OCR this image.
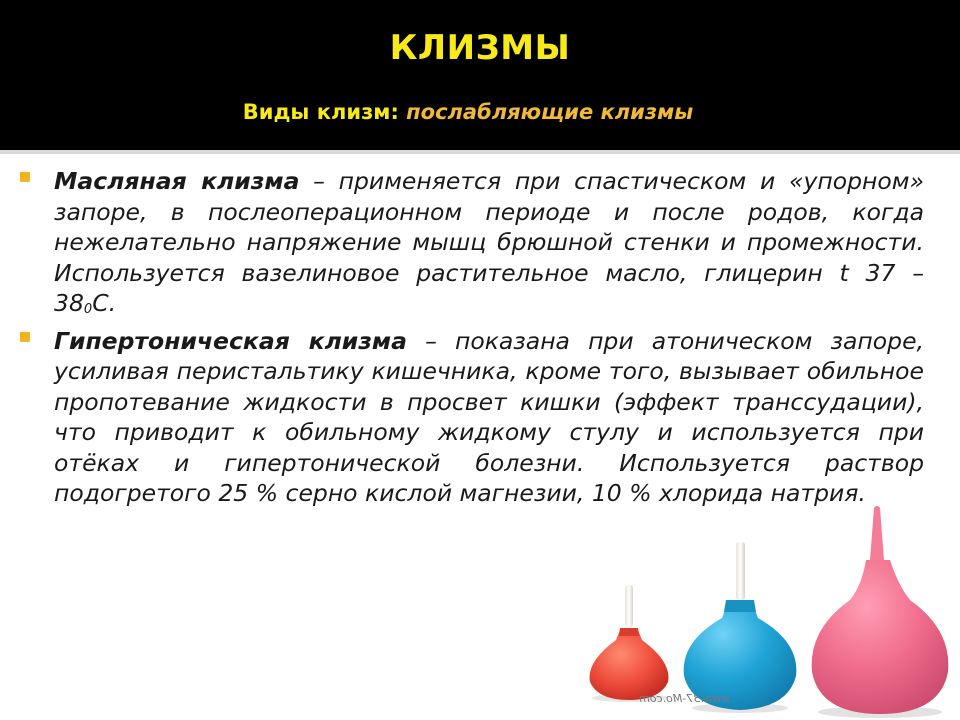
КЛИЗМЫ
Виды клизм: послабляющие клизмы
▪ Масляная клизма – применяется при спастическом и «упорном» запоре, в послеоперационном периоде и после родов, когда нежелательно напряжение мышц брюшной стенки и промежности. Используется вазелиновое растительное масло, глицерин t 37 – 380С.
▪ Гипертоническая клизма – показана при атоническом запоре, усиливая перистальтику кишечника, кроме того, вызывает обильное пропотевание жидкости в просвет кишки (эффект транссудации), что приводит к обильному жидкому стулу и используется при отёках и гипертонической болезни. Используется раствор подогретого 25 % серно кислой магнезии, 10 % хлорида натрия.
www.37-Mo.com
